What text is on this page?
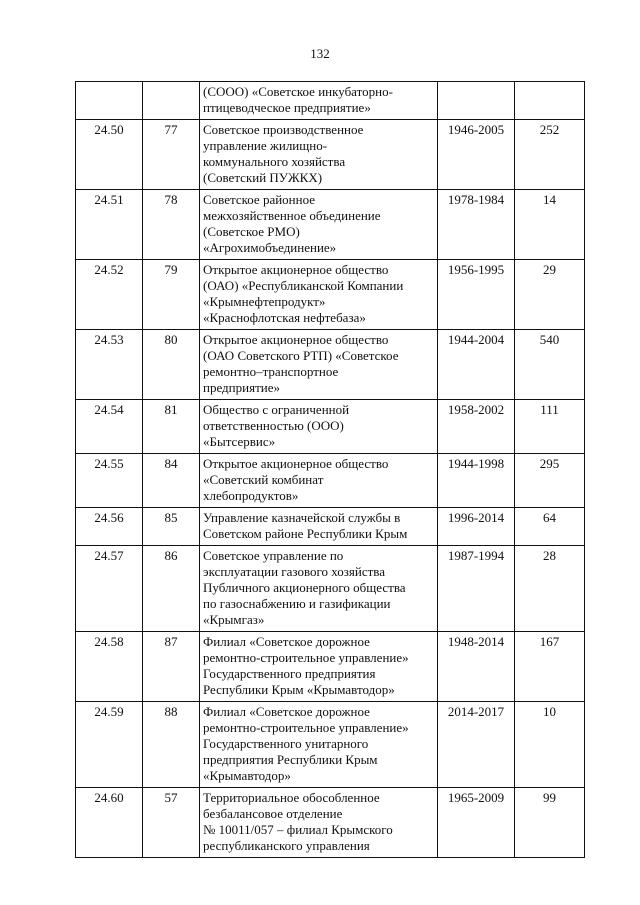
132

		(СООО) «Советское инкубаторно-
птицеводческое предприятие»		

24.50	77	Советское производственное
управление жилищно-
коммунального хозяйства
(Советский ПУЖКХ)	1946-2005	252
24.51	78	Советское районное
межхозяйственное объединение
(Советское РМО)
«Агрохимобъединение»	1978-1984	14
24.52	79	Открытое акционерное общество
(ОАО) «Республиканской Компании
«Крымнефтепродукт»
«Краснофлотская нефтебаза»	1956-1995	29
24.53	80	Открытое акционерное общество
(ОАО Советского РТП) «Советское
ремонтно–транспортное
предприятие»	1944-2004	540
24.54	81	Общество с ограниченной
ответственностью (ООО)
«Бытсервис»	1958-2002	111
24.55	84	Открытое акционерное общество
«Советский комбинат
хлебопродуктов»	1944-1998	295
24.56	85	Управление казначейской службы в
Советском районе Республики Крым	1996-2014	64
24.57	86	Советское управление по
эксплуатации газового хозяйства
Публичного акционерного общества
по газоснабжению и газификации
«Крымгаз»	1987-1994	28
24.58	87	Филиал «Советское дорожное
ремонтно-строительное управление»
Государственного предприятия
Республики Крым «Крымавтодор»	1948-2014	167
24.59	88	Филиал «Советское дорожное
ремонтно-строительное управление»
Государственного унитарного
предприятия Республики Крым
«Крымавтодор»	2014-2017	10
24.60	57	Территориальное обособленное
безбалансовое отделение
№ 10011/057 – филиал Крымского
республиканского управления	1965-2009	99
